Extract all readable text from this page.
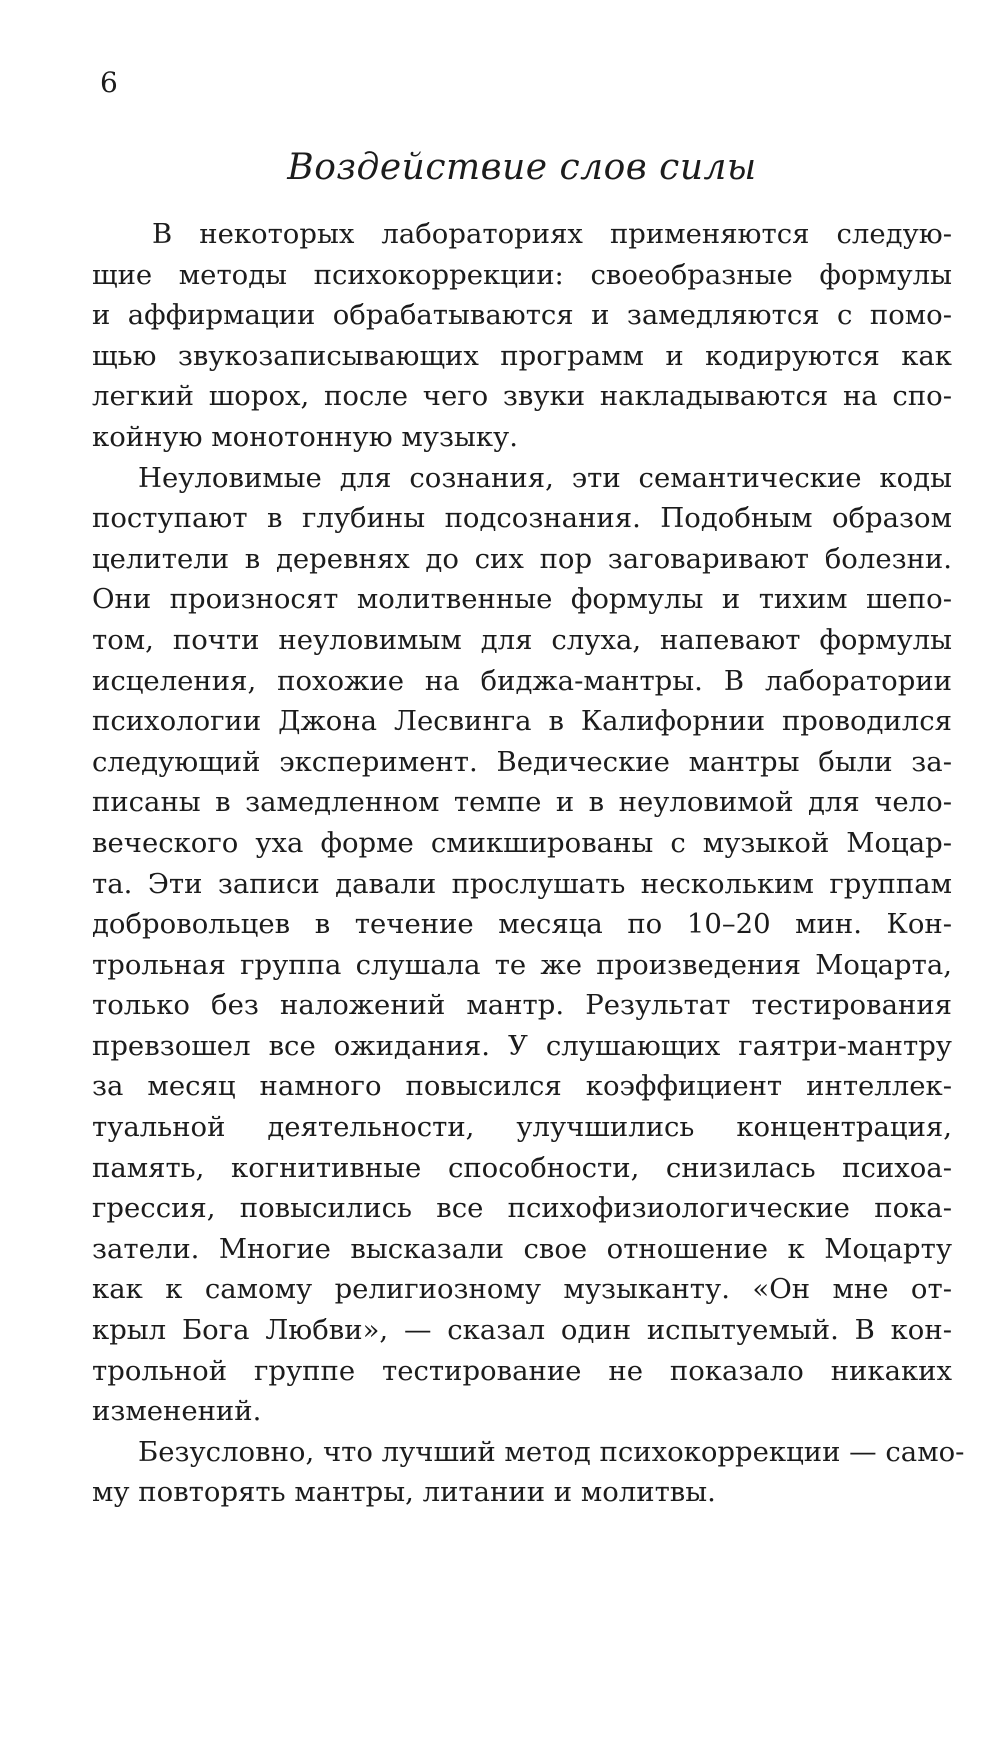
6
Воздействие слов силы
В некоторых лабораториях применяются следую-
щие методы психокоррекции: своеобразные формулы
и аффирмации обрабатываются и замедляются с помо-
щью звукозаписывающих программ и кодируются как
легкий шорох, после чего звуки накладываются на спо-
койную монотонную музыку.
Неуловимые для сознания, эти семантические коды
поступают в глубины подсознания. Подобным образом
целители в деревнях до сих пор заговаривают болезни.
Они произносят молитвенные формулы и тихим шепо-
том, почти неуловимым для слуха, напевают формулы
исцеления, похожие на биджа-мантры. В лаборатории
психологии Джона Лесвинга в Калифорнии проводился
следующий эксперимент. Ведические мантры были за-
писаны в замедленном темпе и в неуловимой для чело-
веческого уха форме смикшированы с музыкой Моцар-
та. Эти записи давали прослушать нескольким группам
добровольцев в течение месяца по 10–20 мин. Кон-
трольная группа слушала те же произведения Моцарта,
только без наложений мантр. Результат тестирования
превзошел все ожидания. У слушающих гаятри-мантру
за месяц намного повысился коэффициент интеллек-
туальной деятельности, улучшились концентрация,
память, когнитивные способности, снизилась психоа-
грессия, повысились все психофизиологические пока-
затели. Многие высказали свое отношение к Моцарту
как к самому религиозному музыканту. «Он мне от-
крыл Бога Любви», — сказал один испытуемый. В кон-
трольной группе тестирование не показало никаких
изменений.
Безусловно, что лучший метод психокоррекции — само-
му повторять мантры, литании и молитвы.
